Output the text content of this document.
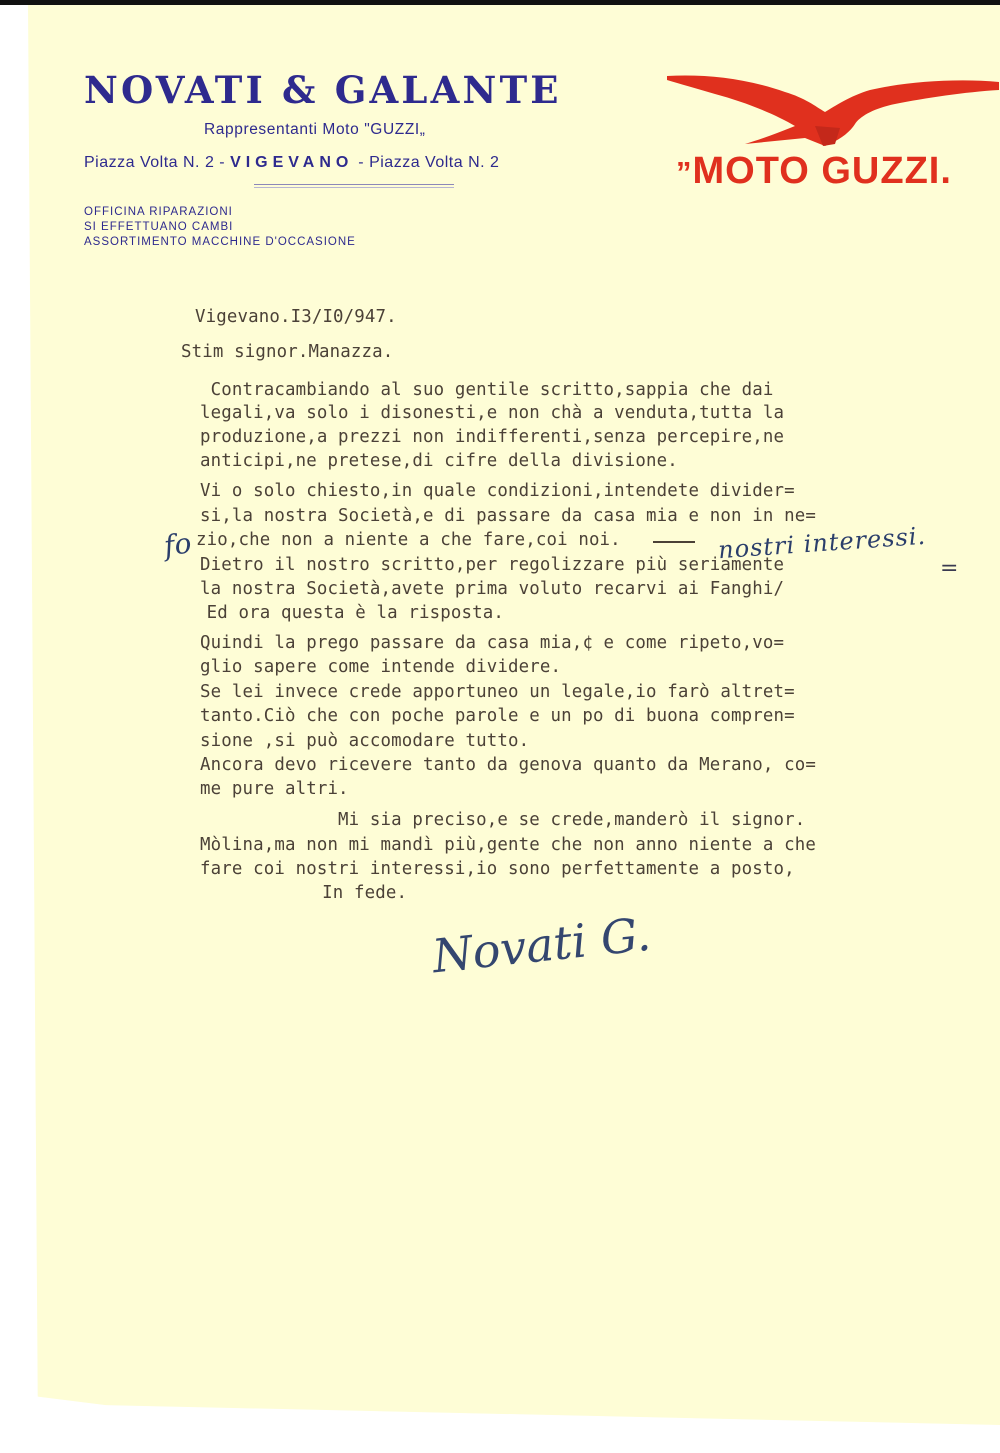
NOVATI & GALANTE
Rappresentanti Moto "GUZZI„
Piazza Volta N. 2 - VIGEVANO - Piazza Volta N. 2
OFFICINA RIPARAZIONI
SI EFFETTUANO CAMBI
ASSORTIMENTO MACCHINE D'OCCASIONE
”MOTO GUZZI.
Vigevano.I3/I0/947.
Stim signor.Manazza.
Contracambiando al suo gentile scritto,sappia che dai
legali,va solo i disonesti,e non chà a venduta,tutta la
produzione,a prezzi non indifferenti,senza percepire,ne
anticipi,ne pretese,di cifre della divisione.
Vi o solo chiesto,in quale condizioni,intendete divider=
si,la nostra Società,e di passare da casa mia e non in ne=
zio,che non a niente a che fare,coi noi.
Dietro il nostro scritto,per regolizzare più seriamente
la nostra Società,avete prima voluto recarvi ai Fanghi/
Ed ora questa è la risposta.
Quindi la prego passare da casa mia,¢ e come ripeto,vo=
glio sapere come intende dividere.
Se lei invece crede apportuneo un legale,io farò altret=
tanto.Ciò che con poche parole e un po di buona compren=
sione ,si può accomodare tutto.
Ancora devo ricevere tanto da genova quanto da Merano, co=
me pure altri.
Mi sia preciso,e se crede,manderò il signor.
Mòlina,ma non mi mandì più,gente che non anno niente a che
fare coi nostri interessi,io sono perfettamente a posto,
In fede.
fo	nostri interessi.
=
Novati G.
